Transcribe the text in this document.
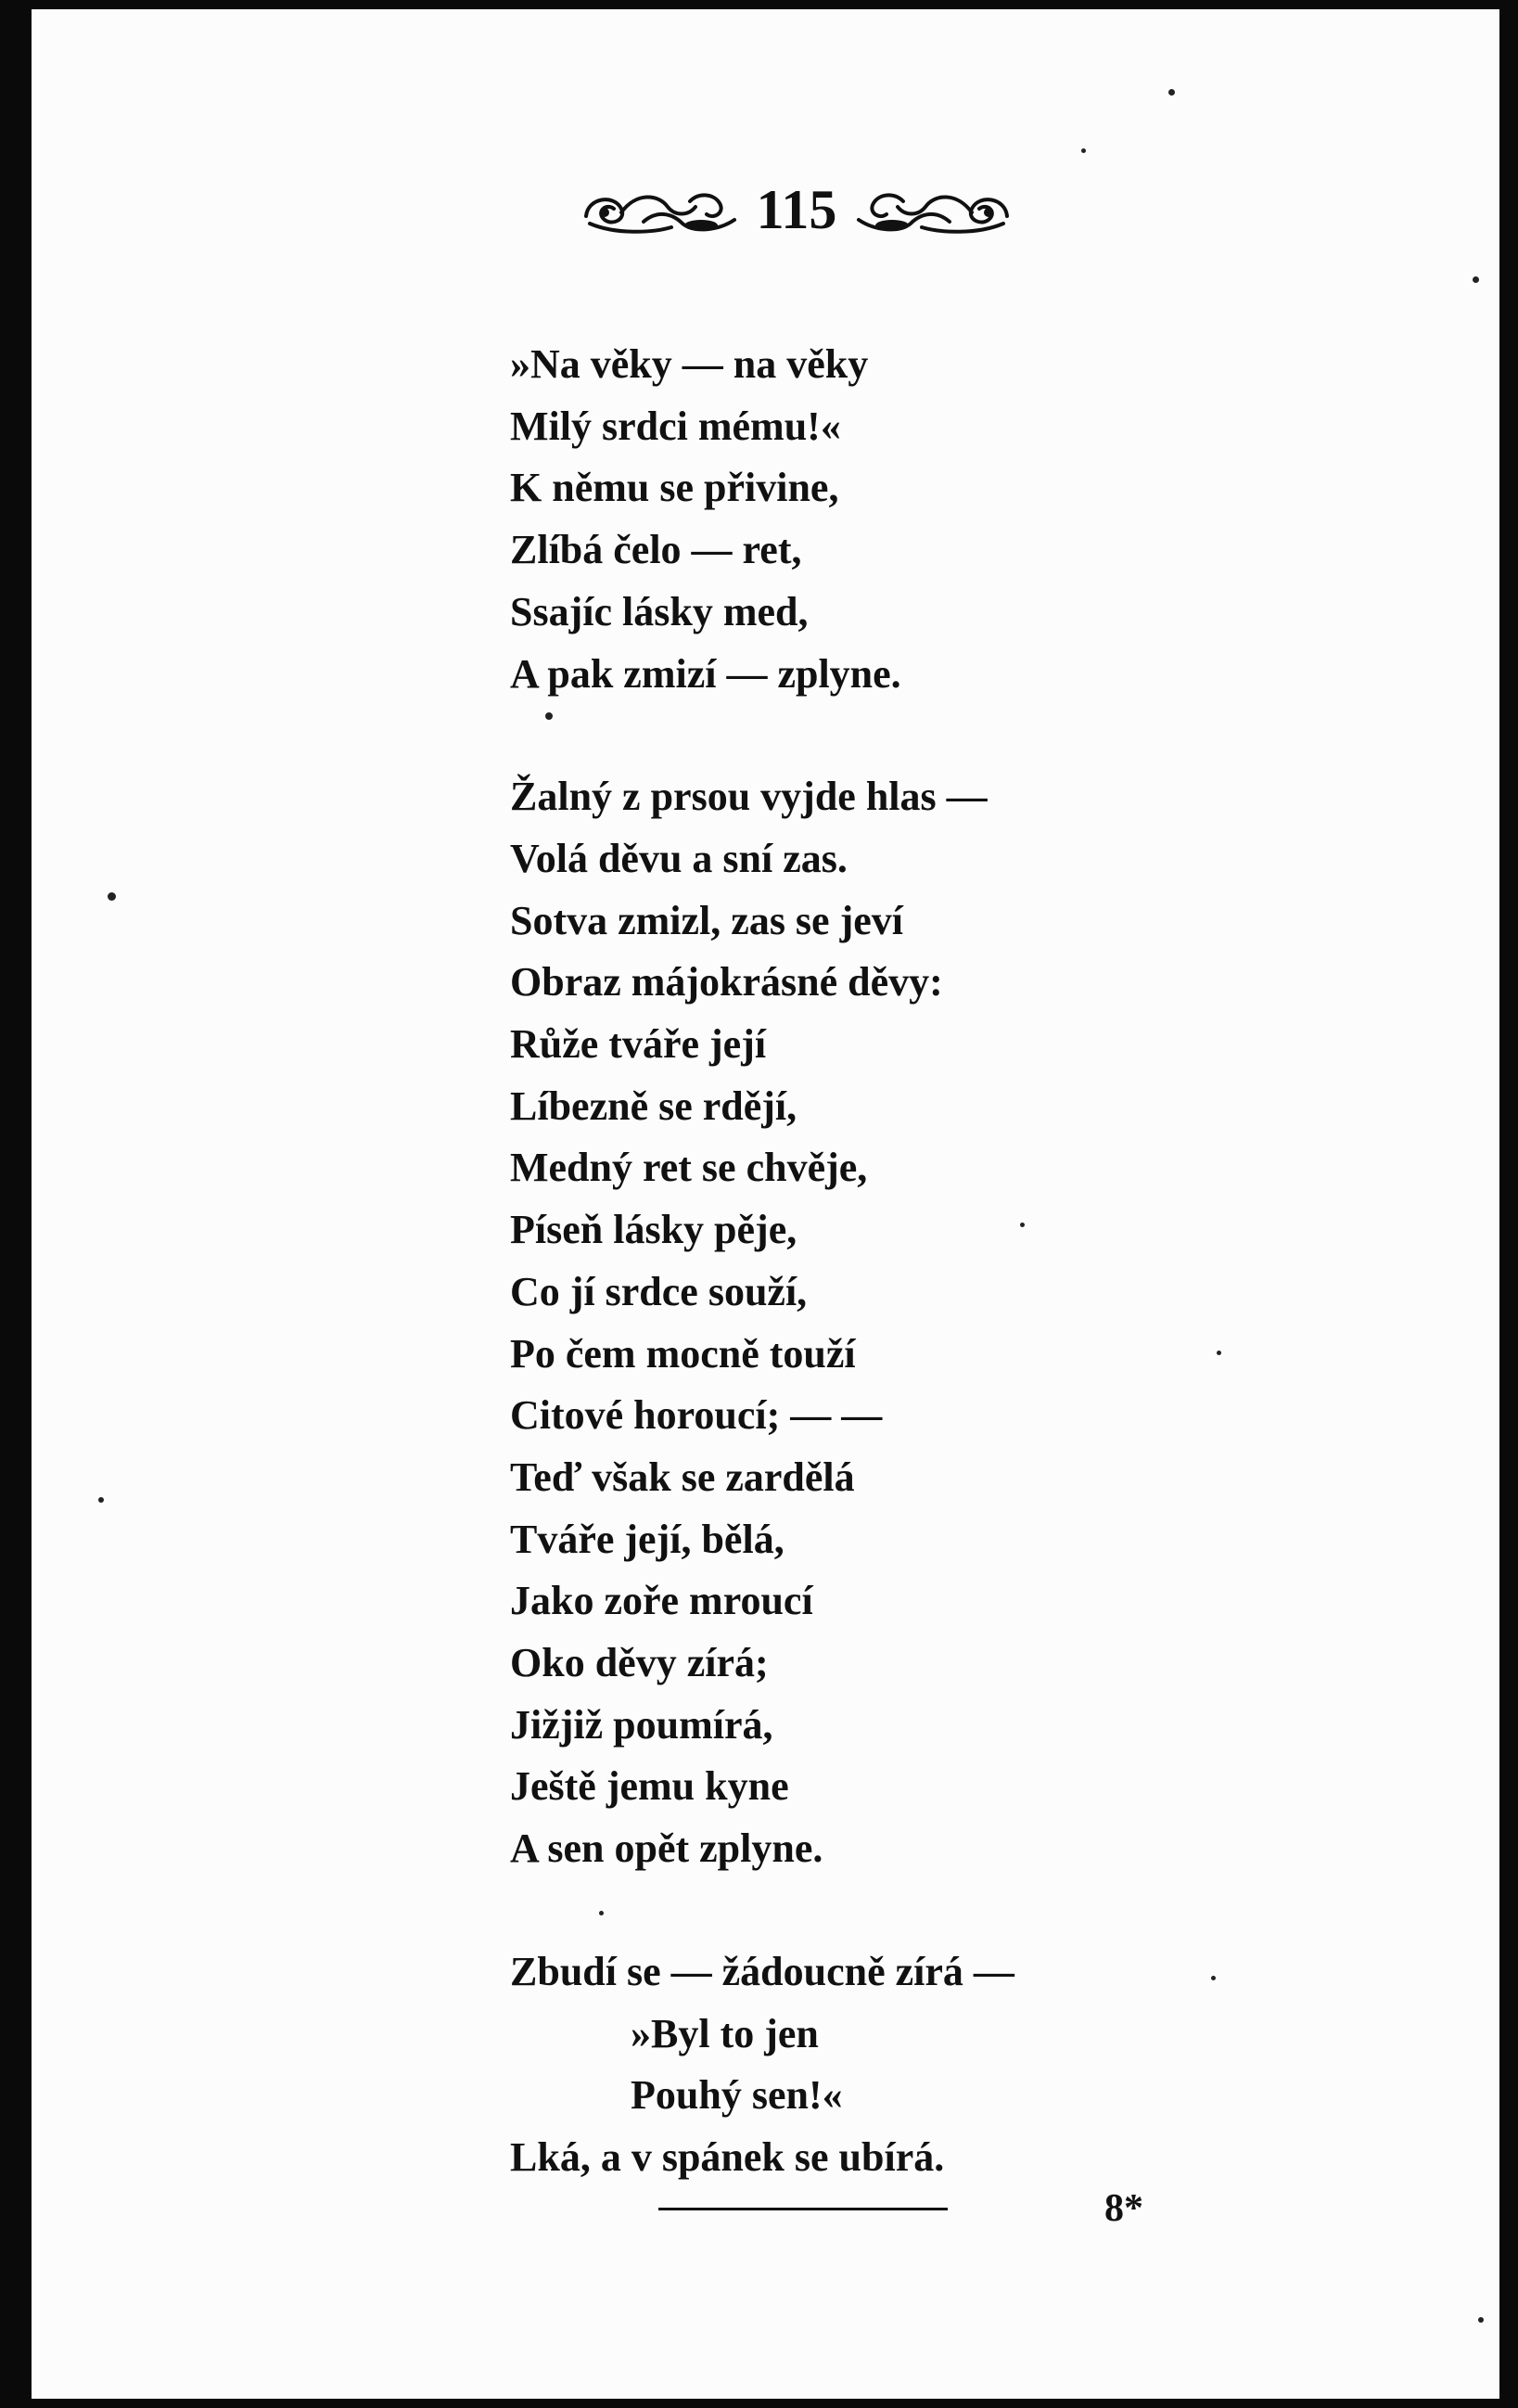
115
»Na věky — na věky
Milý srdci mému!«
K němu se přivine,
Zlíbá čelo — ret,
Ssajíc lásky med,
A pak zmizí — zplyne.
Žalný z prsou vyjde hlas —
Volá děvu a sní zas.
Sotva zmizl, zas se jeví
Obraz májokrásné děvy:
Růže tváře její
Líbezně se rdějí,
Medný ret se chvěje,
Píseň lásky pěje,
Co jí srdce souží,
Po čem mocně touží
Citové horoucí; — —
Teď však se zardělá
Tváře její, bělá,
Jako zoře mroucí
Oko děvy zírá;
Jižjiž poumírá,
Ještě jemu kyne
A sen opět zplyne.
Zbudí se — žádoucně zírá —
»Byl to jen
Pouhý sen!«
Lká, a v spánek se ubírá.
8*
